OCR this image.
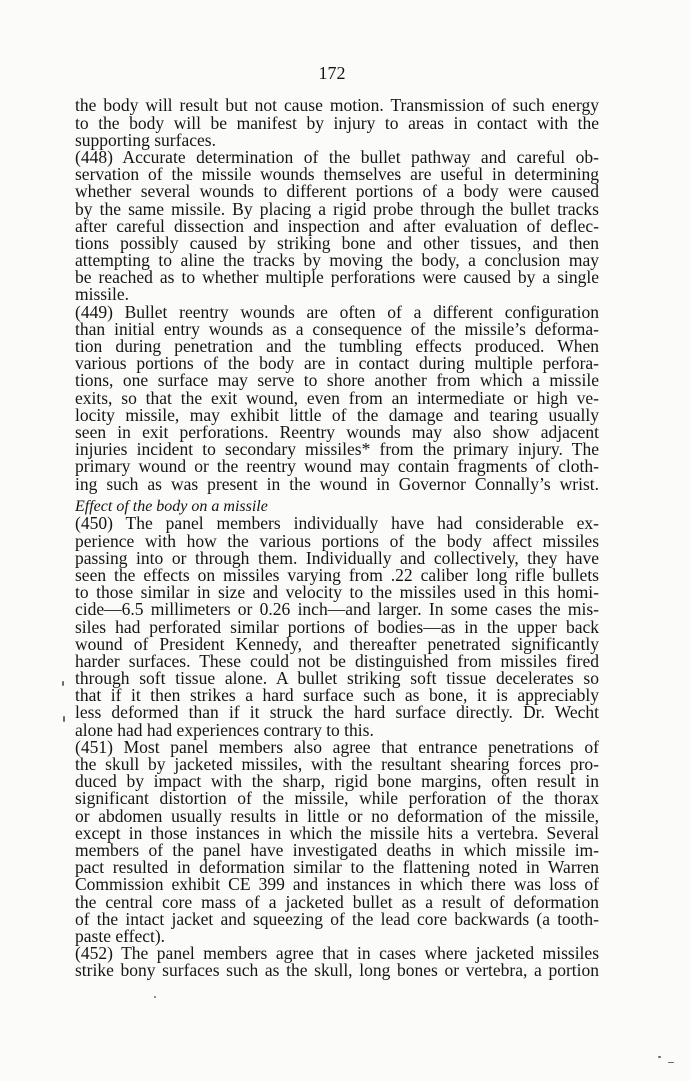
172
the body will result but not cause motion. Transmission of such energy
to the body will be manifest by injury to areas in contact with the
supporting surfaces.
(448) Accurate determination of the bullet pathway and careful ob-
servation of the missile wounds themselves are useful in determining
whether several wounds to different portions of a body were caused
by the same missile. By placing a rigid probe through the bullet tracks
after careful dissection and inspection and after evaluation of deflec-
tions possibly caused by striking bone and other tissues, and then
attempting to aline the tracks by moving the body, a conclusion may
be reached as to whether multiple perforations were caused by a single
missile.
(449) Bullet reentry wounds are often of a different configuration
than initial entry wounds as a consequence of the missile’s deforma-
tion during penetration and the tumbling effects produced. When
various portions of the body are in contact during multiple perfora-
tions, one surface may serve to shore another from which a missile
exits, so that the exit wound, even from an intermediate or high ve-
locity missile, may exhibit little of the damage and tearing usually
seen in exit perforations. Reentry wounds may also show adjacent
injuries incident to secondary missiles* from the primary injury. The
primary wound or the reentry wound may contain fragments of cloth-
ing such as was present in the wound in Governor Connally’s wrist.
Effect of the body on a missile
(450) The panel members individually have had considerable ex-
perience with how the various portions of the body affect missiles
passing into or through them. Individually and collectively, they have
seen the effects on missiles varying from .22 caliber long rifle bullets
to those similar in size and velocity to the missiles used in this homi-
cide—6.5 millimeters or 0.26 inch—and larger. In some cases the mis-
siles had perforated similar portions of bodies—as in the upper back
wound of President Kennedy, and thereafter penetrated significantly
harder surfaces. These could not be distinguished from missiles fired
through soft tissue alone. A bullet striking soft tissue decelerates so
that if it then strikes a hard surface such as bone, it is appreciably
less deformed than if it struck the hard surface directly. Dr. Wecht
alone had had experiences contrary to this.
(451) Most panel members also agree that entrance penetrations of
the skull by jacketed missiles, with the resultant shearing forces pro-
duced by impact with the sharp, rigid bone margins, often result in
significant distortion of the missile, while perforation of the thorax
or abdomen usually results in little or no deformation of the missile,
except in those instances in which the missile hits a vertebra. Several
members of the panel have investigated deaths in which missile im-
pact resulted in deformation similar to the flattening noted in Warren
Commission exhibit CE 399 and instances in which there was loss of
the central core mass of a jacketed bullet as a result of deformation
of the intact jacket and squeezing of the lead core backwards (a tooth-
paste effect).
(452) The panel members agree that in cases where jacketed missiles
strike bony surfaces such as the skull, long bones or vertebra, a portion
